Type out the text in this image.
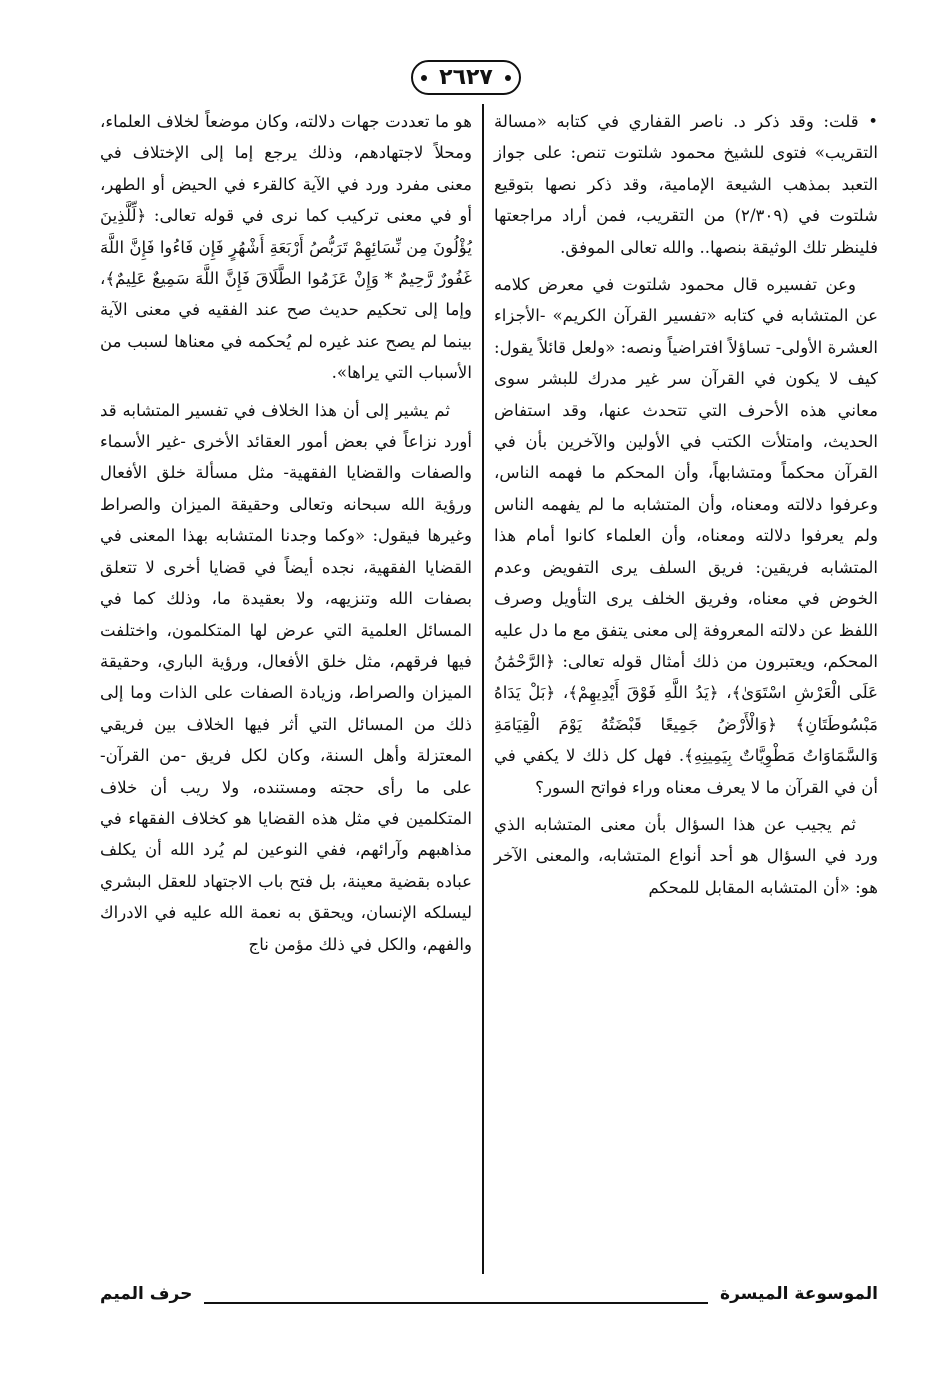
٢٦٢٧

• قلت: وقد ذكر د. ناصر القفاري في كتابه «مسالة التقريب» فتوى للشيخ محمود شلتوت تنص: على جواز التعبد بمذهب الشيعة الإمامية، وقد ذكر نصها بتوقيع شلتوت في (٢/٣٠٩) من التقريب، فمن أراد مراجعتها فلينظر تلك الوثيقة بنصها.. والله تعالى الموفق.

وعن تفسيره قال محمود شلتوت في معرض كلامه عن المتشابه في كتابه «تفسير القرآن الكريم» -الأجزاء العشرة الأولى- تساؤلاً افتراضياً ونصه: «ولعل قائلاً يقول: كيف لا يكون في القرآن سر غير مدرك للبشر سوى معاني هذه الأحرف التي تتحدث عنها، وقد استفاض الحديث، وامتلأت الكتب في الأولين والآخرين بأن في القرآن محكماً ومتشابهاً، وأن المحكم ما فهمه الناس، وعرفوا دلالته ومعناه، وأن المتشابه ما لم يفهمه الناس ولم يعرفوا دلالته ومعناه، وأن العلماء كانوا أمام هذا المتشابه فريقين: فريق السلف يرى التفويض وعدم الخوض في معناه، وفريق الخلف يرى التأويل وصرف اللفظ عن دلالته المعروفة إلى معنى يتفق مع ما دل عليه المحكم، ويعتبرون من ذلك أمثال قوله تعالى: ﴿الرَّحْمَٰنُ عَلَى الْعَرْشِ اسْتَوَىٰ﴾، ﴿يَدُ اللَّهِ فَوْقَ أَيْدِيهِمْ﴾، ﴿بَلْ يَدَاهُ مَبْسُوطَتَانِ﴾ ﴿وَالْأَرْضُ جَمِيعًا قَبْضَتُهُ يَوْمَ الْقِيَامَةِ وَالسَّمَاوَاتُ مَطْوِيَّاتٌ بِيَمِينِهِ﴾. فهل كل ذلك لا يكفي في أن في القرآن ما لا يعرف معناه وراء فواتح السور؟

ثم يجيب عن هذا السؤال بأن معنى المتشابه الذي ورد في السؤال هو أحد أنواع المتشابه، والمعنى الآخر هو: «أن المتشابه المقابل للمحكم

هو ما تعددت جهات دلالته، وكان موضعاً لخلاف العلماء، ومحلاً لاجتهادهم، وذلك يرجع إما إلى الإختلاف في معنى مفرد ورد في الآية كالقرء في الحيض أو الطهر، أو في معنى تركيب كما نرى في قوله تعالى: ﴿لِّلَّذِينَ يُؤْلُونَ مِن نِّسَائِهِمْ تَرَبُّصُ أَرْبَعَةِ أَشْهُرٍ فَإِن فَاءُوا فَإِنَّ اللَّهَ غَفُورٌ رَّحِيمٌ * وَإِنْ عَزَمُوا الطَّلَاقَ فَإِنَّ اللَّهَ سَمِيعٌ عَلِيمٌ﴾، وإما إلى تحكيم حديث صح عند الفقيه في معنى الآية بينما لم يصح عند غيره لم يُحكمه في معناها لسبب من الأسباب التي يراها».

ثم يشير إلى أن هذا الخلاف في تفسير المتشابه قد أورد نزاعاً في بعض أمور العقائد الأخرى -غير الأسماء والصفات والقضايا الفقهية- مثل مسألة خلق الأفعال ورؤية الله سبحانه وتعالى وحقيقة الميزان والصراط وغيرها فيقول: «وكما وجدنا المتشابه بهذا المعنى في القضايا الفقهية، نجده أيضاً في قضايا أخرى لا تتعلق بصفات الله وتنزيهه، ولا بعقيدة ما، وذلك كما في المسائل العلمية التي عرض لها المتكلمون، واختلفت فيها فرقهم، مثل خلق الأفعال، ورؤية الباري، وحقيقة الميزان والصراط، وزيادة الصفات على الذات وما إلى ذلك من المسائل التي أثر فيها الخلاف بين فريقي المعتزلة وأهل السنة، وكان لكل فريق -من القرآن- على ما رأى حجته ومستنده، ولا ريب أن خلاف المتكلمين في مثل هذه القضايا هو كخلاف الفقهاء في مذاهبهم وآرائهم، ففي النوعين لم يُرد الله أن يكلف عباده بقضية معينة، بل فتح باب الاجتهاد للعقل البشري ليسلكه الإنسان، ويحقق به نعمة الله عليه في الادراك والفهم، والكل في ذلك مؤمن ناج

الموسوعة الميسرة
حرف الميم
